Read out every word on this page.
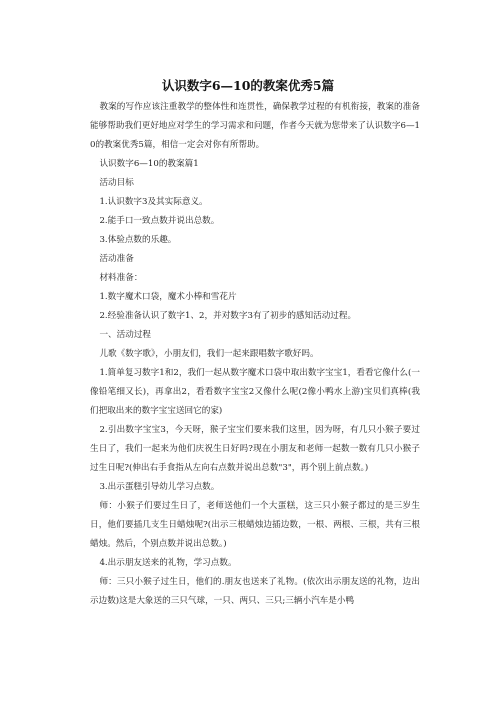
认识数字6—10的教案优秀5篇

教案的写作应该注重教学的整体性和连贯性，确保教学过程的有机衔接，教案的准备能够帮助我们更好地应对学生的学习需求和问题，作者今天就为您带来了认识数字6—10的教案优秀5篇，相信一定会对你有所帮助。

认识数字6—10的教案篇1

活动目标

1.认识数字3及其实际意义。

2.能手口一致点数并说出总数。

3.体验点数的乐趣。

活动准备

材料准备：

1.数字魔术口袋，魔术小棒和雪花片

2.经验准备认识了数字1、2，并对数字3有了初步的感知活动过程。

一、活动过程

儿歌《数字歌》，小朋友们，我们一起来跟唱数字歌好吗。

1.简单复习数字1和2，我们一起从数字魔术口袋中取出数字宝宝1，看看它像什么(一像铅笔细又长)，再拿出2，看看数字宝宝2又像什么呢(2像小鸭水上游)宝贝们真棒(我们把取出来的数字宝宝送回它的家)

2.引出数字宝宝3，今天呀，猴子宝宝们要来我们这里，因为呀，有几只小猴子要过生日了，我们一起来为他们庆祝生日好吗?现在小朋友和老师一起数一数有几只小猴子过生日呢?(伸出右手食指从左向右点数并说出总数"3"，再个别上前点数。)

3.出示蛋糕引导幼儿学习点数。

师：小猴子们要过生日了，老师送他们一个大蛋糕，这三只小猴子都过的是三岁生日，他们要插几支生日蜡烛呢?(出示三根蜡烛边插边数，一根、两根、三根，共有三根蜡烛。然后，个别点数并说出总数。)

4.出示朋友送来的礼物，学习点数。

师：三只小猴子过生日，他们的.朋友也送来了礼物。(依次出示朋友送的礼物，边出示边数)这是大象送的三只气球，一只、两只、三只;三辆小汽车是小鸭
